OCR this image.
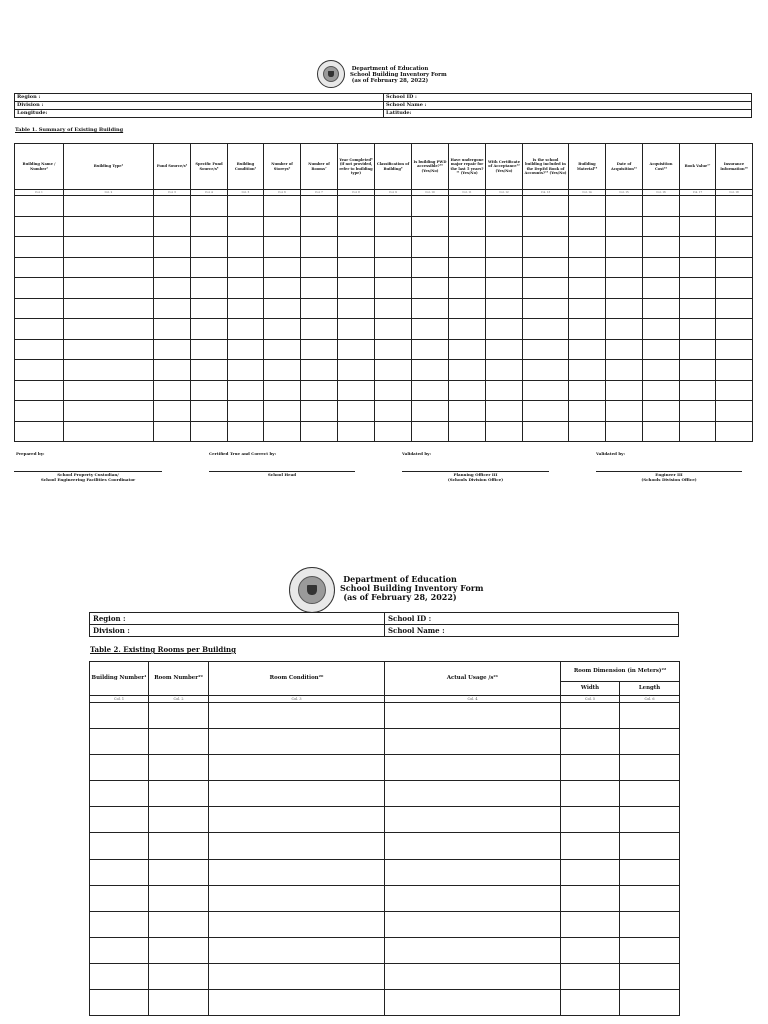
Department of Education
School Building Inventory Form
(as of February 28, 2022)
Region :	School ID :
Division :	School Name :
Longitude:	Latitude:
Table 1. Summary of Existing Building
Building Name / Number¹	Building Type²	Fund Source/s³	Specific Fund Source/s⁴	Building Condition⁵	Number of Storeys⁶	Number of Rooms⁷	Year Completed⁸ (if not provided, refer to building type)	Classification of Building⁹	Is building PWD accessible?¹⁰ (Yes/No)	Have undergone major repair for the last 5 years?¹¹ (Yes/No)	With Certificate of Acceptance¹² (Yes/No)	Is the school building included in the DepEd Book of Accounts?¹³ (Yes/No)	Building Material¹⁴	Date of Acquisition¹⁵	Acquisition Cost¹⁶	Book Value¹⁷	Insurance Information¹⁸
Col. 1	Col. 2	Col. 3	Col. 4	Col. 5	Col. 6	Col. 7	Col. 8	Col. 9	Col. 10	Col. 11	Col. 12	Col. 13	Col. 14	Col. 15	Col. 16	Col. 17	Col. 18

Prepared by:	Certified True and Correct by:	Validated by:	Validated by:
School Property Custodian/
School Engineering Facilities Coordinator
School Head	Planning Officer III
(Schools Division Office)
Engineer III
(Schools Division Office)
Department of Education
School Building Inventory Form
(as of February 28, 2022)
Region :	School ID :
Division :	School Name :
Table 2. Existing Rooms per Building
Building Number¹	Room Number¹⁹	Room Condition²⁰	Actual Usage /s²¹	Room Dimension (in Meters)²²	
				Width	Length
Col. 1	Col. 2	Col. 3	Col. 4	Col. 5	Col. 6
